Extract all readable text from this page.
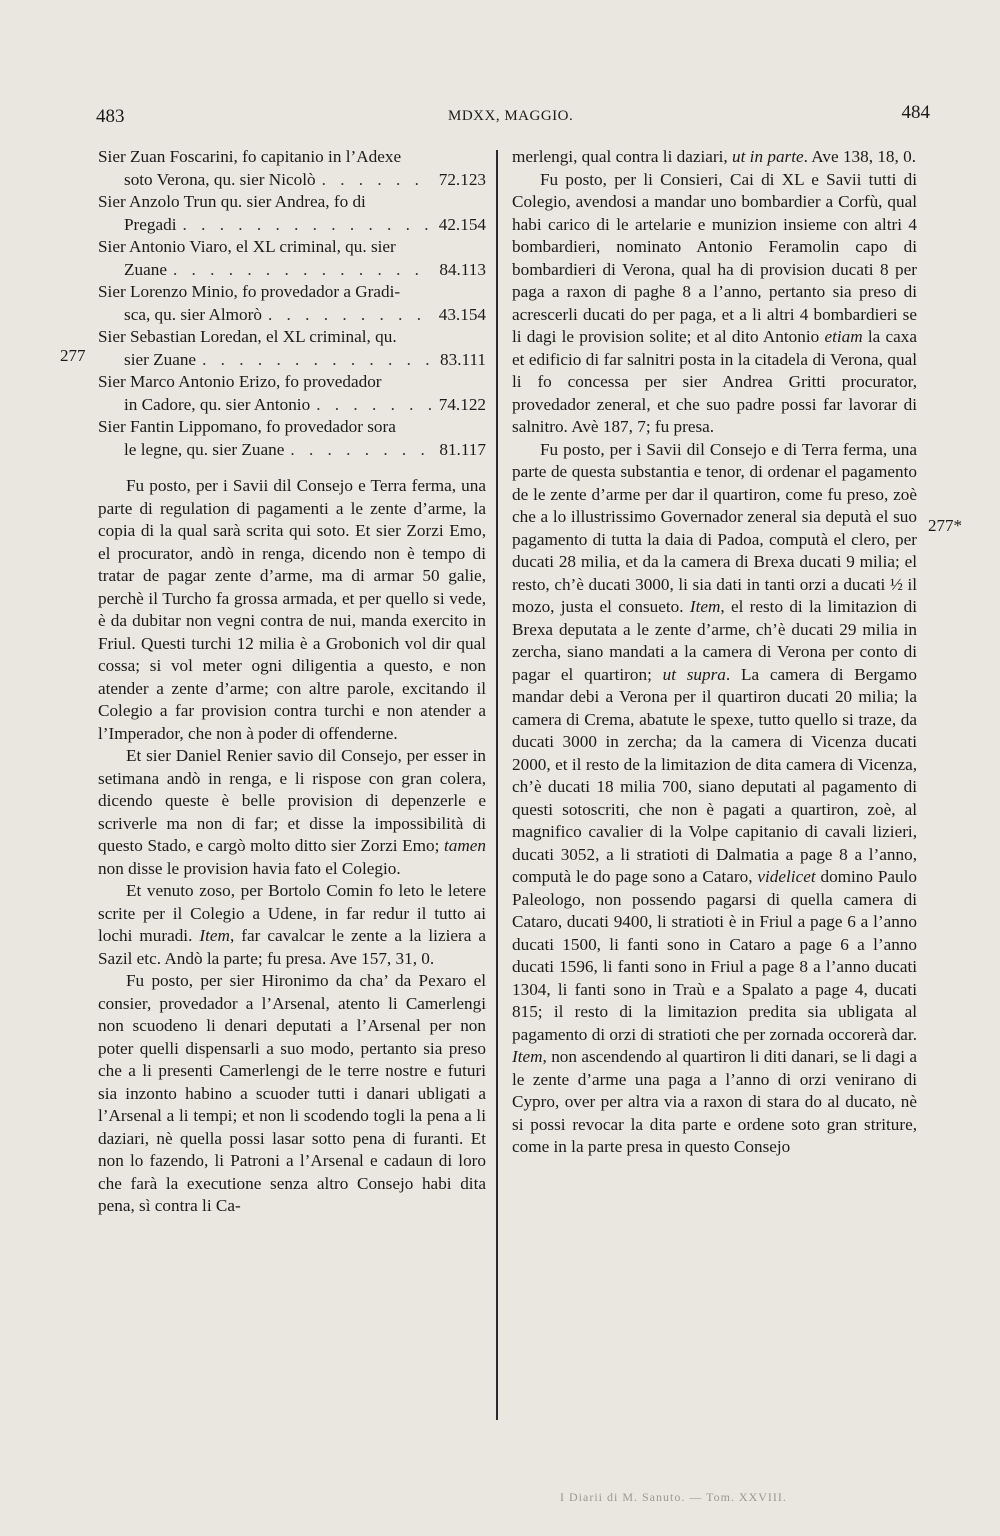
483	MDXX, MAGGIO.	484
277
277*
Sier Zuan Foscarini, fo capitanio in l’Adexe
soto Verona, qu. sier Nicolò . . .	72.123
Sier Anzolo Trun qu. sier Andrea, fo di
Pregadi . . .	42.154
Sier Antonio Viaro, el XL criminal, qu. sier
Zuane . . .	84.113
Sier Lorenzo Minio, fo provedador a Gradi-
sca, qu. sier Almorò . . .	43.154
Sier Sebastian Loredan, el XL criminal, qu.
sier Zuane . . .	83.111
Sier Marco Antonio Erizo, fo provedador
in Cadore, qu. sier Antonio . . .	74.122
Sier Fantin Lippomano, fo provedador sora
le legne, qu. sier Zuane . . .	81.117

Fu posto, per i Savii dil Consejo e Terra ferma, una parte di regulation di pagamenti a le zente d’arme, la copia di la qual sarà scrita qui soto. Et sier Zorzi Emo, el procurator, andò in renga, dicendo non è tempo di tratar de pagar zente d’arme, ma di armar 50 galie, perchè il Turcho fa grossa armada, et per quello si vede, è da dubitar non vegni contra de nui, manda exercito in Friul. Questi turchi 12 milia è a Grobonich vol dir qual cossa; si vol meter ogni diligentia a questo, e non atender a zente d’arme; con altre parole, excitando il Colegio a far provision contra turchi e non atender a l’Imperador, che non à poder di offenderne.

Et sier Daniel Renier savio dil Consejo, per esser in setimana andò in renga, e li rispose con gran colera, dicendo queste è belle provision di depenzerle e scriverle ma non di far; et disse la impossibilità di questo Stado, e cargò molto ditto sier Zorzi Emo; tamen non disse le provision havia fato el Colegio.

Et venuto zoso, per Bortolo Comin fo leto le letere scrite per il Colegio a Udene, in far redur il tutto ai lochi muradi. Item, far cavalcar le zente a la liziera a Sazil etc. Andò la parte; fu presa. Ave 157, 31, 0.

Fu posto, per sier Hironimo da cha’ da Pexaro el consier, provedador a l’Arsenal, atento li Camerlengi non scuodeno li denari deputati a l’Arsenal per non poter quelli dispensarli a suo modo, pertanto sia preso che a li presenti Camerlengi de le terre nostre e futuri sia inzonto habino a scuoder tutti i danari ubligati a l’Arsenal a li tempi; et non li scodendo togli la pena a li daziari, nè quella possi lasar sotto pena di furanti. Et non lo fazendo, li Patroni a l’Arsenal e cadaun di loro che farà la executione senza altro Consejo habi dita pena, sì contra li Ca-

merlengi, qual contra li daziari, ut in parte. Ave 138, 18, 0.

Fu posto, per li Consieri, Cai di XL e Savii tutti di Colegio, avendosi a mandar uno bombardier a Corfù, qual habi carico di le artelarie e munizion insieme con altri 4 bombardieri, nominato Antonio Feramolin capo di bombardieri di Verona, qual ha di provision ducati 8 per paga a raxon di paghe 8 a l’anno, pertanto sia preso di acrescerli ducati do per paga, et a li altri 4 bombardieri se li dagi le provision solite; et al dito Antonio etiam la caxa et edificio di far salnitri posta in la citadela di Verona, qual li fo concessa per sier Andrea Gritti procurator, provedador zeneral, et che suo padre possi far lavorar di salnitro. Avè 187, 7; fu presa.

Fu posto, per i Savii dil Consejo e di Terra ferma, una parte de questa substantia e tenor, di ordenar el pagamento de le zente d’arme per dar il quartiron, come fu preso, zoè che a lo illustrissimo Governador zeneral sia deputà el suo pagamento di tutta la daia di Padoa, computà el clero, per ducati 28 milia, et da la camera di Brexa ducati 9 milia; el resto, ch’è ducati 3000, li sia dati in tanti orzi a ducati ½ il mozo, justa el consueto. Item, el resto di la limitazion di Brexa deputata a le zente d’arme, ch’è ducati 29 milia in zercha, siano mandati a la camera di Verona per conto di pagar el quartiron; ut supra. La camera di Bergamo mandar debi a Verona per il quartiron ducati 20 milia; la camera di Crema, abatute le spexe, tutto quello si traze, da ducati 3000 in zercha; da la camera di Vicenza ducati 2000, et il resto de la limitazion de dita camera di Vicenza, ch’è ducati 18 milia 700, siano deputati al pagamento di questi sotoscriti, che non è pagati a quartiron, zoè, al magnifico cavalier di la Volpe capitanio di cavali lizieri, ducati 3052, a li stratioti di Dalmatia a page 8 a l’anno, computà le do page sono a Cataro, videlicet domino Paulo Paleologo, non possendo pagarsi di quella camera di Cataro, ducati 9400, li stratioti è in Friul a page 6 a l’anno ducati 1500, li fanti sono in Cataro a page 6 a l’anno ducati 1596, li fanti sono in Friul a page 8 a l’anno ducati 1304, li fanti sono in Traù e a Spalato a page 4, ducati 815; il resto di la limitazion predita sia ubligata al pagamento di orzi di stratioti che per zornada occorerà dar. Item, non ascendendo al quartiron li diti danari, se li dagi a le zente d’arme una paga a l’anno di orzi venirano di Cypro, over per altra via a raxon di stara do al ducato, nè si possi revocar la dita parte e ordene soto gran striture, come in la parte presa in questo Consejo

I Diarii di M. Sanuto. — Tom. XXVIII.
